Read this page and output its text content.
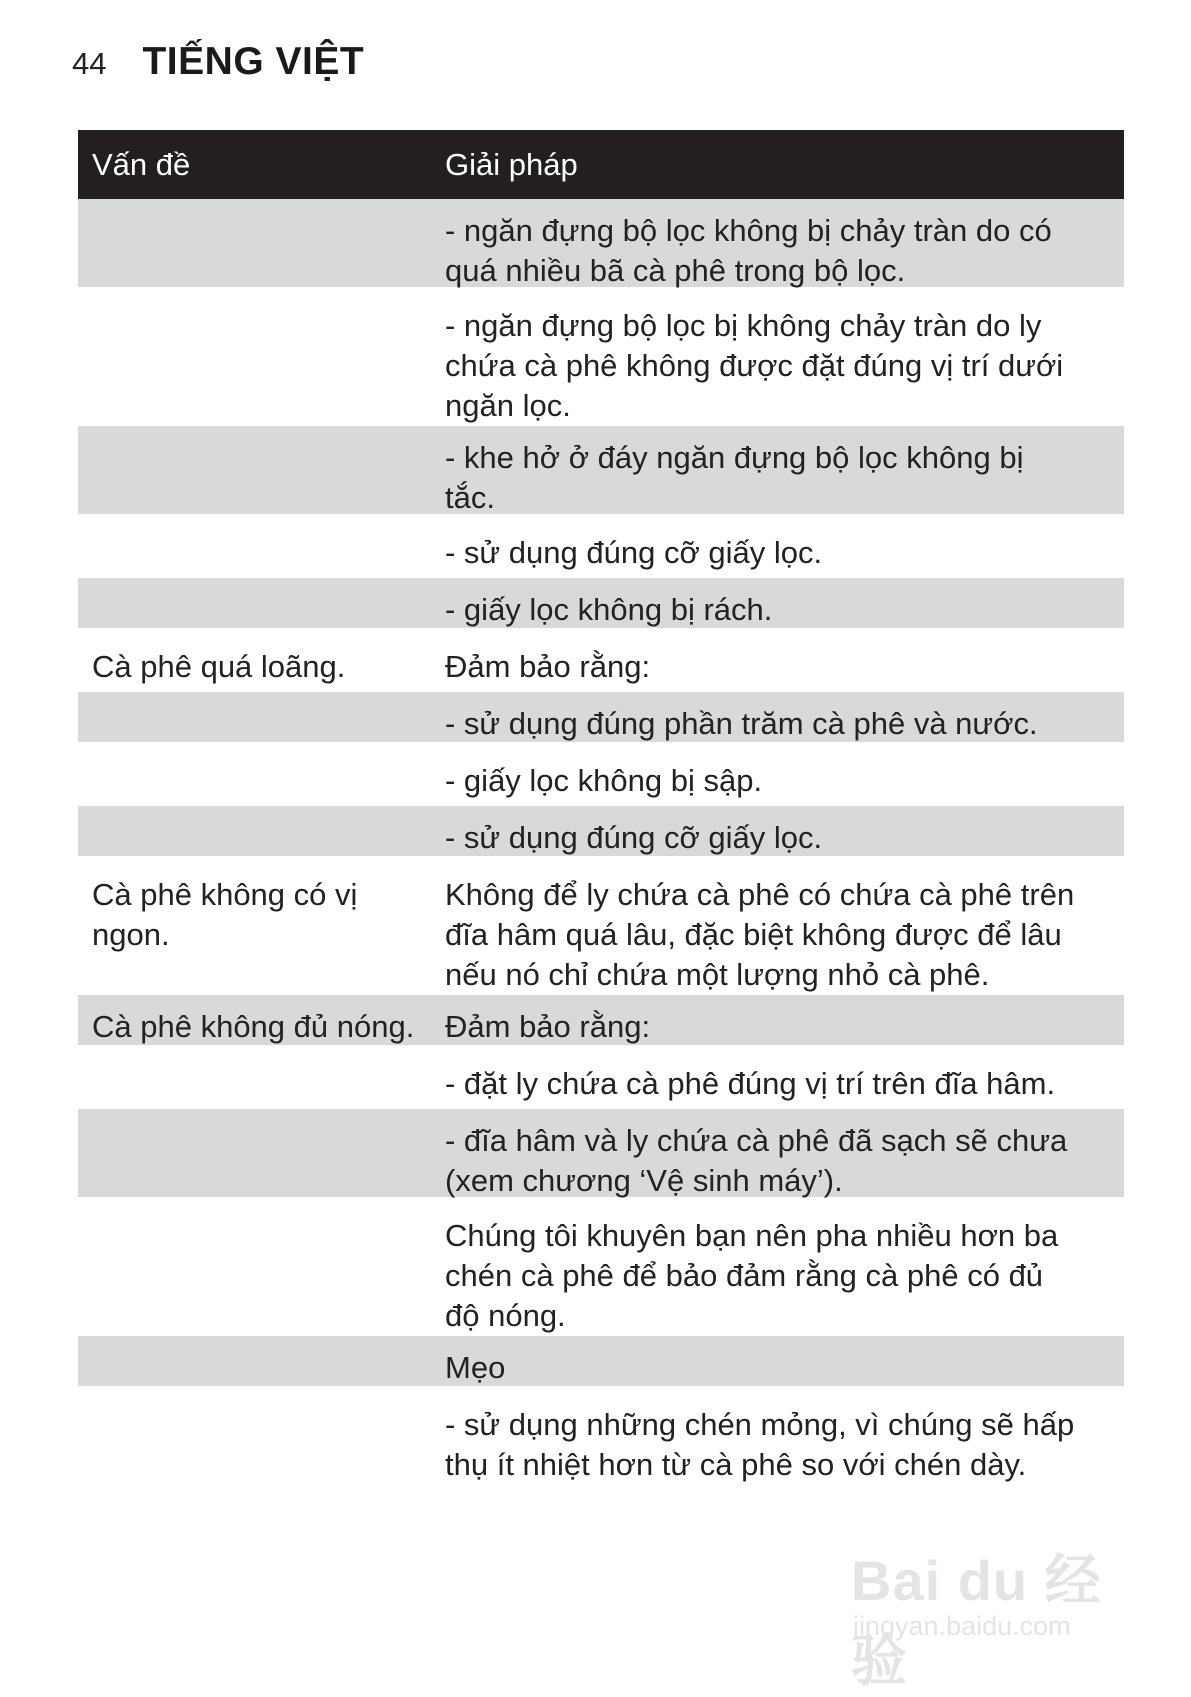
44 TIẾNG VIỆT
Vấn đề	Giải pháp
- ngăn đựng bộ lọc không bị chảy tràn do có
quá nhiều bã cà phê trong bộ lọc.
- ngăn đựng bộ lọc bị không chảy tràn do ly
chứa cà phê không được đặt đúng vị trí dưới
ngăn lọc.
- khe hở ở đáy ngăn đựng bộ lọc không bị
tắc.
- sử dụng đúng cỡ giấy lọc.
- giấy lọc không bị rách.
Cà phê quá loãng.	Đảm bảo rằng:
- sử dụng đúng phần trăm cà phê và nước.
- giấy lọc không bị sập.
- sử dụng đúng cỡ giấy lọc.
Cà phê không có vị
ngon.
Không để ly chứa cà phê có chứa cà phê trên
đĩa hâm quá lâu, đặc biệt không được để lâu
nếu nó chỉ chứa một lượng nhỏ cà phê.
Cà phê không đủ nóng. Đảm bảo rằng:
- đặt ly chứa cà phê đúng vị trí trên đĩa hâm.
- đĩa hâm và ly chứa cà phê đã sạch sẽ chưa
(xem chương ‘Vệ sinh máy’).
Chúng tôi khuyên bạn nên pha nhiều hơn ba
chén cà phê để bảo đảm rằng cà phê có đủ
độ nóng.
Mẹo
- sử dụng những chén mỏng, vì chúng sẽ hấp
thụ ít nhiệt hơn từ cà phê so với chén dày.
Bai du 经验
jingyan.baidu.com
